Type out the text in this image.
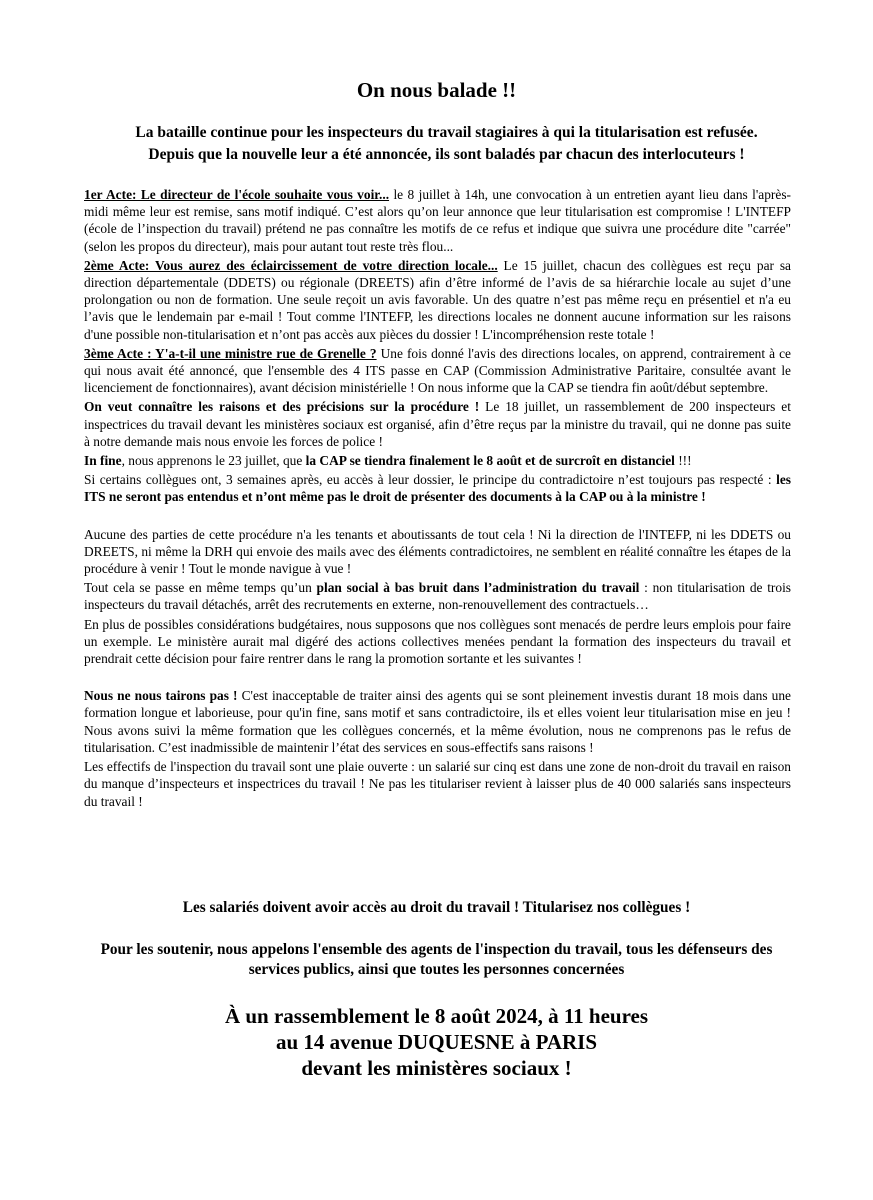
On nous balade !!
La bataille continue pour les inspecteurs du travail stagiaires à qui la titularisation est refusée.
Depuis que la nouvelle leur a été annoncée, ils sont baladés par chacun des interlocuteurs !

1er Acte: Le directeur de l'école souhaite vous voir... le 8 juillet à 14h, une convocation à un entretien ayant lieu dans l'après-midi même leur est remise, sans motif indiqué. C’est alors qu’on leur annonce que leur titularisation est compromise ! L'INTEFP (école de l’inspection du travail) prétend ne pas connaître les motifs de ce refus et indique que suivra une procédure dite "carrée" (selon les propos du directeur), mais pour autant tout reste très flou...

2ème Acte: Vous aurez des éclaircissement de votre direction locale... Le 15 juillet, chacun des collègues est reçu par sa direction départementale (DDETS) ou régionale (DREETS) afin d’être informé de l’avis de sa hiérarchie locale au sujet d’une prolongation ou non de formation. Une seule reçoit un avis favorable. Un des quatre n’est pas même reçu en présentiel et n'a eu l’avis que le lendemain par e-mail ! Tout comme l'INTEFP, les directions locales ne donnent aucune information sur les raisons d'une possible non-titularisation et n’ont pas accès aux pièces du dossier ! L'incompréhension reste totale !

3ème Acte : Y'a-t-il une ministre rue de Grenelle ? Une fois donné l'avis des directions locales, on apprend, contrairement à ce qui nous avait été annoncé, que l'ensemble des 4 ITS passe en CAP (Commission Administrative Paritaire, consultée avant le licenciement de fonctionnaires), avant décision ministérielle ! On nous informe que la CAP se tiendra fin août/début septembre.

On veut connaître les raisons et des précisions sur la procédure ! Le 18 juillet, un rassemblement de 200 inspecteurs et inspectrices du travail devant les ministères sociaux est organisé, afin d’être reçus par la ministre du travail, qui ne donne pas suite à notre demande mais nous envoie les forces de police !

In fine, nous apprenons le 23 juillet, que la CAP se tiendra finalement le 8 août et de surcroît en distanciel !!!

Si certains collègues ont, 3 semaines après, eu accès à leur dossier, le principe du contradictoire n’est toujours pas respecté : les ITS ne seront pas entendus et n’ont même pas le droit de présenter des documents à la CAP ou à la ministre !

Aucune des parties de cette procédure n'a les tenants et aboutissants de tout cela ! Ni la direction de l'INTEFP, ni les DDETS ou DREETS, ni même la DRH qui envoie des mails avec des éléments contradictoires, ne semblent en réalité connaître les étapes de la procédure à venir ! Tout le monde navigue à vue !

Tout cela se passe en même temps qu’un plan social à bas bruit dans l’administration du travail : non titularisation de trois inspecteurs du travail détachés, arrêt des recrutements en externe, non-renouvellement des contractuels…

En plus de possibles considérations budgétaires, nous supposons que nos collègues sont menacés de perdre leurs emplois pour faire un exemple. Le ministère aurait mal digéré des actions collectives menées pendant la formation des inspecteurs du travail et prendrait cette décision pour faire rentrer dans le rang la promotion sortante et les suivantes !

Nous ne nous tairons pas ! C'est inacceptable de traiter ainsi des agents qui se sont pleinement investis durant 18 mois dans une formation longue et laborieuse, pour qu'in fine, sans motif et sans contradictoire, ils et elles voient leur titularisation mise en jeu ! Nous avons suivi la même formation que les collègues concernés, et la même évolution, nous ne comprenons pas le refus de titularisation. C’est inadmissible de maintenir l’état des services en sous-effectifs sans raisons !

Les effectifs de l'inspection du travail sont une plaie ouverte : un salarié sur cinq est dans une zone de non-droit du travail en raison du manque d’inspecteurs et inspectrices du travail ! Ne pas les titulariser revient à laisser plus de 40 000 salariés sans inspecteurs du travail !

Les salariés doivent avoir accès au droit du travail ! Titularisez nos collègues !
Pour les soutenir, nous appelons l'ensemble des agents de l'inspection du travail, tous les défenseurs des services publics, ainsi que toutes les personnes concernées
À un rassemblement le 8 août 2024, à 11 heures
au 14 avenue DUQUESNE à PARIS
devant les ministères sociaux !
